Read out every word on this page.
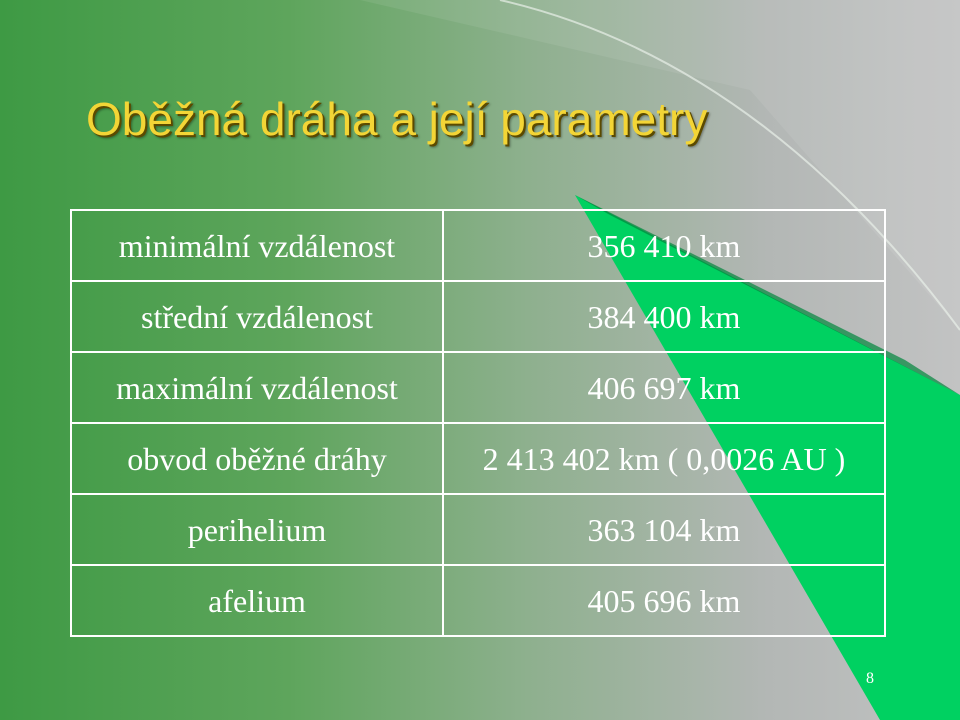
Oběžná dráha a její parametry
minimální vzdálenost	356 410 km
střední vzdálenost	384 400 km
maximální vzdálenost	406 697 km
obvod oběžné dráhy	2 413 402 km ( 0,0026 AU )
perihelium	363 104 km
afelium	405 696 km
8
